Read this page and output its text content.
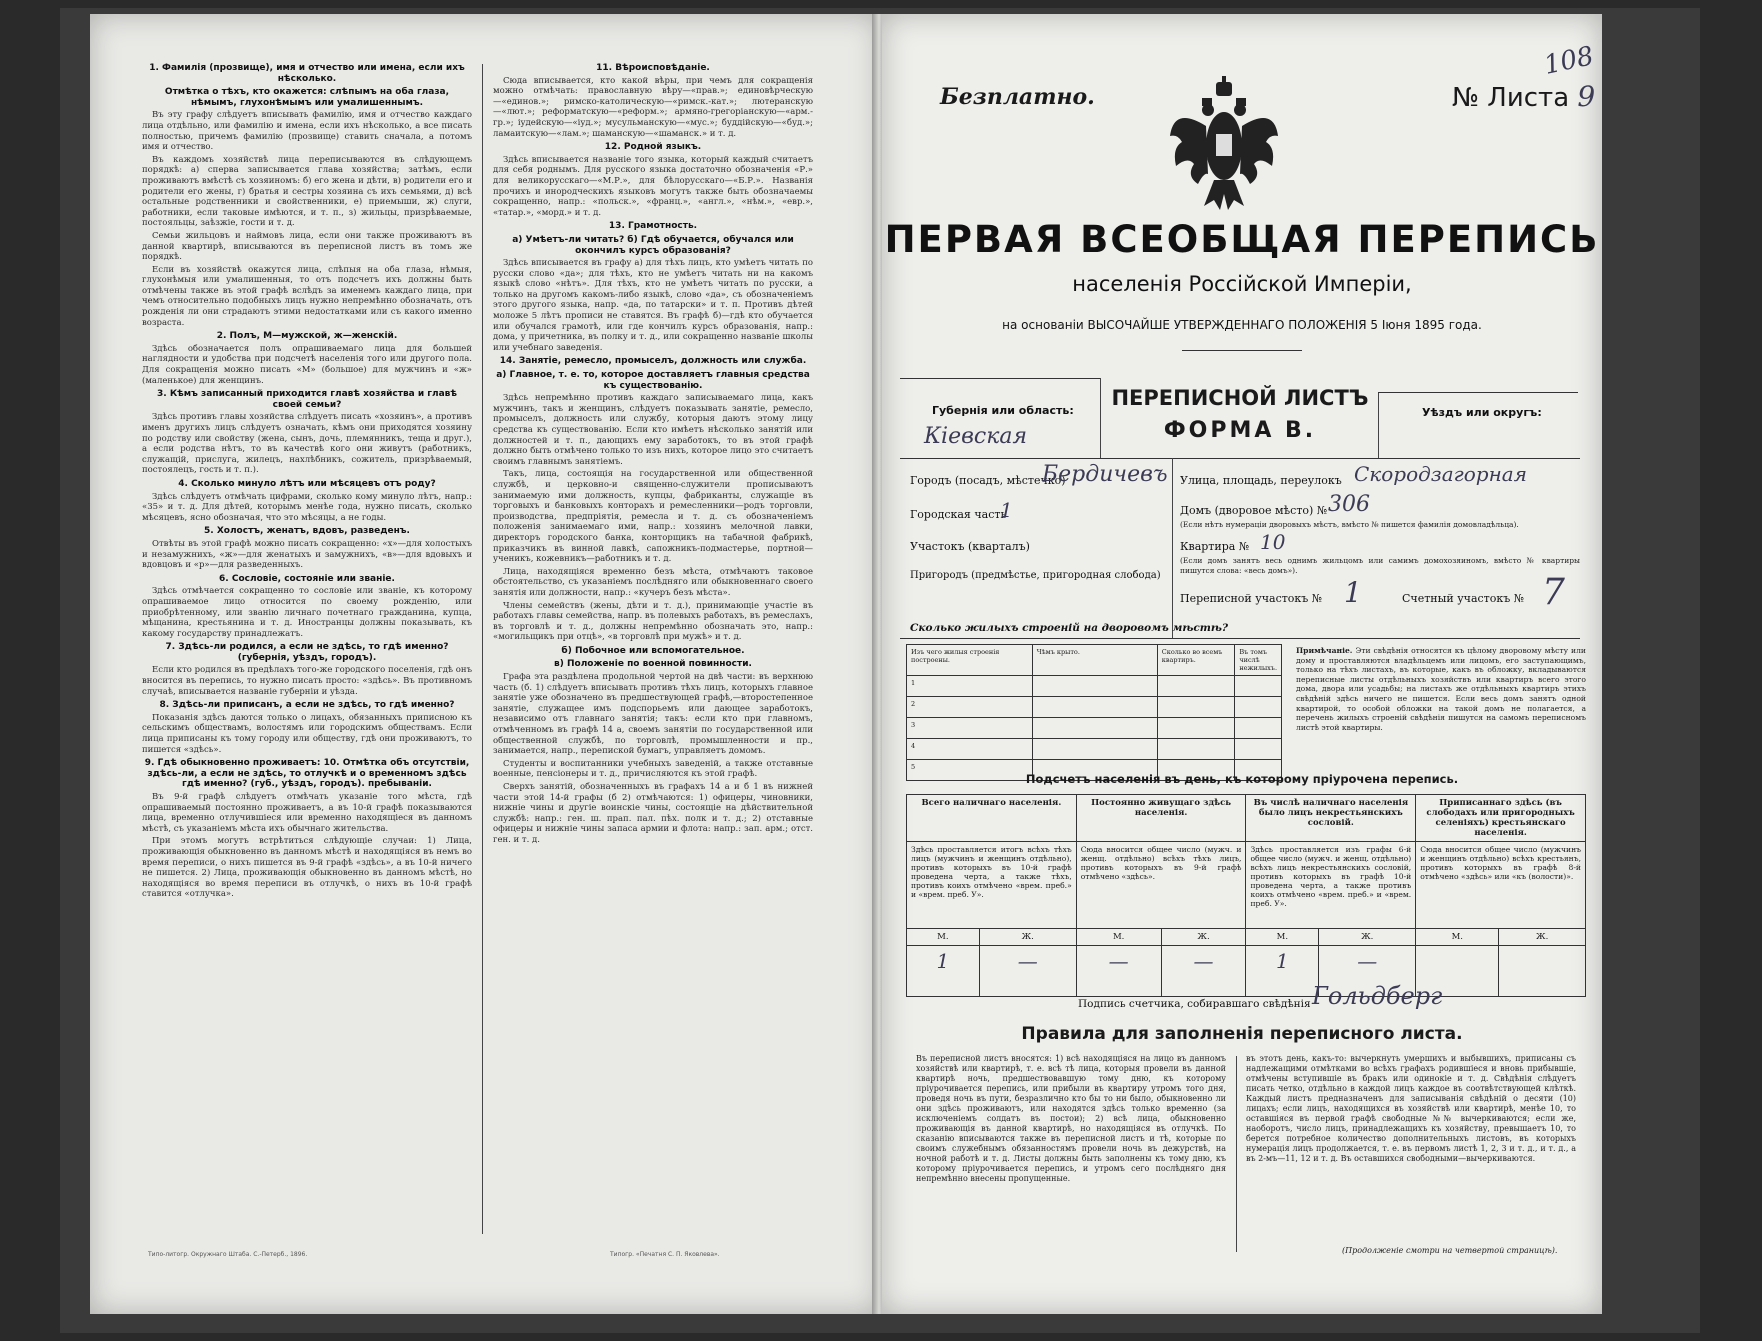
1. Фамилія (прозвище), имя и отчество или имена, если ихъ нѣсколько.
Отмѣтка о тѣхъ, кто окажется: слѣпымъ на оба глаза, нѣмымъ, глухонѣмымъ или умалишеннымъ.

Въ эту графу слѣдуетъ вписывать фамилію, имя и отчество каждаго лица отдѣльно, или фамилію и имена, если ихъ нѣсколько, а все писать полностью, причемъ фамилію (прозвище) ставить сначала, а потомъ имя и отчество.

Въ каждомъ хозяйствѣ лица переписываются въ слѣдующемъ порядкѣ: а) сперва записывается глава хозяйства; затѣмъ, если проживаютъ вмѣстѣ съ хозяиномъ: б) его жена и дѣти, в) родители его и родители его жены, г) братья и сестры хозяина съ ихъ семьями, д) всѣ остальные родственники и свойственники, е) приемыши, ж) слуги, работники, если таковые имѣются, и т. п., з) жильцы, призрѣваемые, постояльцы, заѣзжіе, гости и т. д.

Семьи жильцовъ и наймовъ лица, если они также проживаютъ въ данной квартирѣ, вписываются въ переписной листъ въ томъ же порядкѣ.

Если въ хозяйствѣ окажутся лица, слѣпыя на оба глаза, нѣмыя, глухонѣмыя или умалишенныя, то отъ подсчетъ ихъ должны быть отмѣчены также въ этой графѣ вслѣдъ за именемъ каждаго лица, при чемъ относительно подобныхъ лицъ нужно непремѣнно обозначать, отъ рожденія ли они страдаютъ этими недостатками или съ какого именно возраста.

2. Полъ, М—мужской, ж—женскій.

Здѣсь обозначается полъ опрашиваемаго лица для большей наглядности и удобства при подсчетѣ населенія того или другого пола. Для сокращенія можно писать «М» (большое) для мужчинъ и «ж» (маленькое) для женщинъ.

3. Кѣмъ записанный приходится главѣ хозяйства и главѣ своей семьи?

Здѣсь противъ главы хозяйства слѣдуетъ писать «хозяинъ», а противъ именъ другихъ лицъ слѣдуетъ означать, кѣмъ они приходятся хозяину по родству или свойству (жена, сынъ, дочь, племянникъ, теща и друг.), а если родства нѣтъ, то въ качествѣ кого они живутъ (работникъ, служащій, прислуга, жилецъ, нахлѣбникъ, сожитель, призрѣваемый, постоялецъ, гость и т. п.).

4. Сколько минуло лѣтъ или мѣсяцевъ отъ роду?

Здѣсь слѣдуетъ отмѣчать цифрами, сколько кому минуло лѣтъ, напр.: «35» и т. д. Для дѣтей, которымъ менѣе года, нужно писать, сколько мѣсяцевъ, ясно обозначая, что это мѣсяцы, а не годы.

5. Холостъ, женатъ, вдовъ, разведенъ.

Отвѣты въ этой графѣ можно писать сокращенно: «х»—для холостыхъ и незамужнихъ, «ж»—для женатыхъ и замужнихъ, «в»—для вдовыхъ и вдовцовъ и «р»—для разведенныхъ.

6. Сословіе, состояніе или званіе.

Здѣсь отмѣчается сокращенно то сословіе или званіе, къ которому опрашиваемое лицо относится по своему рожденію, или приобрѣтенному, или званію личнаго почетнаго гражданина, купца, мѣщанина, крестьянина и т. д. Иностранцы должны показывать, къ какому государству принадлежатъ.

7. Здѣсь-ли родился, а если не здѣсь, то гдѣ именно? (губернія, уѣздъ, городъ).

Если кто родился въ предѣлахъ того-же городского поселенія, гдѣ онъ вносится въ перепись, то нужно писать просто: «здѣсь». Въ противномъ случаѣ, вписывается названіе губерніи и уѣзда.

8. Здѣсь-ли приписанъ, а если не здѣсь, то гдѣ именно?

Показанія здѣсь даются только о лицахъ, обязанныхъ приписною къ сельскимъ обществамъ, волостямъ или городскимъ обществамъ. Если лица приписаны къ тому городу или обществу, гдѣ они проживаютъ, то пишется «здѣсь».

9. Гдѣ обыкновенно проживаетъ: 10. Отмѣтка объ отсутствіи, здѣсь-ли, а если не здѣсь, то отлучкѣ и о временномъ здѣсь гдѣ именно? (губ., уѣздъ, городъ). пребываніи.

Въ 9-й графѣ слѣдуетъ отмѣчать указаніе того мѣста, гдѣ опрашиваемый постоянно проживаетъ, а въ 10-й графѣ показываются лица, временно отлучившіеся или временно находящіеся въ данномъ мѣстѣ, съ указаніемъ мѣста ихъ обычнаго жительства.

При этомъ могутъ встрѣтиться слѣдующіе случаи: 1) Лица, проживающія обыкновенно въ данномъ мѣстѣ и находящіяся въ немъ во время переписи, о нихъ пишется въ 9-й графѣ «здѣсь», а въ 10-й ничего не пишется. 2) Лица, проживающія обыкновенно въ данномъ мѣстѣ, но находящіяся во время переписи въ отлучкѣ, о нихъ въ 10-й графѣ ставится «отлучка».

11. Вѣроисповѣданіе.

Сюда вписывается, кто какой вѣры, при чемъ для сокращенія можно отмѣчать: православную вѣру—«прав.»; единовѣрческую—«единов.»; римско-католическую—«римск.-кат.»; лютеранскую—«лют.»; реформатскую—«реформ.»; армяно-грегоріанскую—«арм.-гр.»; іудейскую—«іуд.»; мусульманскую—«мус.»; буддійскую—«буд.»; ламаитскую—«лам.»; шаманскую—«шаманск.» и т. д.

12. Родной языкъ.

Здѣсь вписывается названіе того языка, который каждый считаетъ для себя роднымъ. Для русского языка достаточно обозначенія «Р.» для великорусскаго—«М.Р.», для бѣлорусскаго—«Б.Р.». Названія прочихъ и инородческихъ языковъ могутъ также быть обозначаемы сокращенно, напр.: «польск.», «франц.», «англ.», «нѣм.», «евр.», «татар.», «морд.» и т. д.

13. Грамотность.
а) Умѣетъ-ли читать? б) Гдѣ обучается, обучался или окончилъ курсъ образованія?

Здѣсь вписывается въ графу а) для тѣхъ лицъ, кто умѣетъ читать по русски слово «да»; для тѣхъ, кто не умѣетъ читать ни на какомъ языкѣ слово «нѣтъ». Для тѣхъ, кто не умѣетъ читать по русски, а только на другомъ какомъ-либо языкѣ, слово «да», съ обозначеніемъ этого другого языка, напр. «да, по татарски» и т. п. Противъ дѣтей моложе 5 лѣтъ прописи не ставятся. Въ графѣ б)—гдѣ кто обучается или обучался грамотѣ, или где кончилъ курсъ образованія, напр.: дома, у причетника, въ полку и т. д., или сокращенно названіе школы или учебнаго заведенія.

14. Занятіе, ремесло, промыселъ, должность или служба.
а) Главное, т. е. то, которое доставляетъ главныя средства къ существованію.

Здѣсь непремѣнно противъ каждаго записываемаго лица, какъ мужчинъ, такъ и женщинъ, слѣдуетъ показывать занятіе, ремесло, промыселъ, должность или службу, которыя даютъ этому лицу средства къ существованію. Если кто имѣетъ нѣсколько занятій или должностей и т. п., дающихъ ему заработокъ, то въ этой графѣ должно быть отмѣчено только то изъ нихъ, которое лицо это считаетъ своимъ главнымъ занятіемъ.

Такъ, лица, состоящія на государственной или общественной службѣ, и церковно-и священно-служители прописываютъ занимаемую ими должность, купцы, фабриканты, служащіе въ торговыхъ и банковыхъ конторахъ и ремесленники—родъ торговли, производства, предпріятія, ремесла и т. д. съ обозначеніемъ положенія занимаемаго ими, напр.: хозяинъ мелочной лавки, директоръ городского банка, конторщикъ на табачной фабрикѣ, приказчикъ въ винной лавкѣ, сапожникъ-подмастерье, портной—ученикъ, кожевникъ—работникъ и т. д.

Лица, находящіяся временно безъ мѣста, отмѣчаютъ таковое обстоятельство, съ указаніемъ послѣдняго или обыкновеннаго своего занятія или должности, напр.: «кучеръ безъ мѣста».

Члены семействъ (жены, дѣти и т. д.), принимающіе участіе въ работахъ главы семейства, напр. въ полевыхъ работахъ, въ ремеслахъ, въ торговлѣ и т. д., должны непремѣнно обозначать это, напр.: «могильщикъ при отцѣ», «в торговлѣ при мужѣ» и т. д.

б) Побочное или вспомогательное.
в) Положеніе по военной повинности.

Графа эта раздѣлена продольной чертой на двѣ части: въ верхнюю часть (б. 1) слѣдуетъ вписывать противъ тѣхъ лицъ, которыхъ главное занятіе уже обозначено въ предшествующей графѣ,—второстепенное занятіе, служащее имъ подспорьемъ или дающее заработокъ, независимо отъ главнаго занятія; такъ: если кто при главномъ, отмѣченномъ въ графѣ 14 а, своемъ занятіи по государственной или общественной службѣ, по торговлѣ, промышленности и пр., занимается, напр., перепиской бумагъ, управляетъ домомъ.

Студенты и воспитанники учебныхъ заведеній, а также отставные военные, пенсіонеры и т. д., причисляются къ этой графѣ.

Сверхъ занятій, обозначенныхъ въ графахъ 14 а и б 1 въ нижней части этой 14-й графы (б 2) отмѣчаются: 1) офицеры, чиновники, нижніе чины и другіе воинскіе чины, состоящіе на дѣйствительной службѣ: напр.: ген. ш. прап. пал. пѣх. полк и т. д.; 2) отставные офицеры и нижніе чины запаса армии и флота: напр.: зап. арм.; отст. ген. и т. д.

Типо-литогр. Окружнаго Штаба. С.-Петерб., 1896.	Типогр. «Печатня С. П. Яковлева».
Безплатно.	№ Листа 9
108
ПЕРВАЯ ВСЕОБЩАЯ ПЕРЕПИСЬ
населенія Россійской Имперіи,
на основаніи ВЫСОЧАЙШЕ УТВЕРЖДЕННАГО ПОЛОЖЕНІЯ 5 Іюня 1895 года.
ПЕРЕПИСНОЙ ЛИСТЪ
ФОРМА В.
Губернія или область:
Кіевская
Уѣздъ или округъ:
Городъ (посадъ, мѣстечко)
Бердичевъ
Городская часть
1
Участокъ (кварталъ)
Пригородъ (предмѣстье, пригородная слобода)
Улица, площадь, переулокъ Скородзагорная
Домъ (дворовое мѣсто) № 306
(Если нѣтъ нумераціи дворовыхъ мѣстъ, вмѣсто № пишется фамилія домовладѣльца).
Квартира № 10
(Если домъ занятъ весь однимъ жильцомъ или самимъ домохозяиномъ, вмѣсто № квартиры пишутся слова: «весь домъ»).
Переписной участокъ № 1	Счетный участокъ № 7
Сколько жилыхъ строеній на дворовомъ мѣстѣ?
Изъ чего жилыя строенія построены.	Чѣмъ крыто.	Сколько во всемъ квартиръ.	Въ томъ числѣ нежилыхъ.
1			
2			
3			
4			
5			
Примѣчаніе. Эти свѣдѣнія относятся къ цѣлому дворовому мѣсту или дому и проставляются владѣльцемъ или лицомъ, его заступающимъ, только на тѣхъ листахъ, въ которые, какъ въ обложку, вкладываются переписные листы отдѣльныхъ хозяйствъ или квартиръ всего этого дома, двора или усадьбы; на листахъ же отдѣльныхъ квартиръ этихъ свѣдѣній здѣсь ничего не пишется. Если весь домъ занятъ одной квартирой, то особой обложки на такой домъ не полагается, а перечень жилыхъ строеній свѣдѣнія пишутся на самомъ переписномъ листѣ этой квартиры.
Подсчетъ населенія въ день, къ которому пріурочена перепись.
Всего наличнаго населенія.		Постоянно живущаго здѣсь населенія.		Въ числѣ наличнаго населенія было лицъ некрестьянскихъ сословій.		Приписаннаго здѣсь (въ слободахъ или пригородныхъ селеніяхъ) крестьянскаго населенія.	
Здѣсь проставляется итогъ всѣхъ тѣхъ лицъ (мужчинъ и женщинъ отдѣльно), противъ которыхъ въ 10-й графѣ проведена черта, а также тѣхъ, противъ коихъ отмѣчено «врем. преб.» и «врем. преб. У».		Сюда вносится общее число (мужч. и женщ. отдѣльно) всѣхъ тѣхъ лицъ, противъ которыхъ въ 9-й графѣ отмѣчено «здѣсь».		Здѣсь проставляется изъ графы 6-й общее число (мужч. и женщ. отдѣльно) всѣхъ лицъ некрестьянскихъ сословій, противъ которыхъ въ графѣ 10-й проведена черта, а также противъ коихъ отмѣчено «врем. преб.» и «врем. преб. У».		Сюда вносится общее число (мужчинъ и женщинъ отдѣльно) всѣхъ крестьянъ, противъ которыхъ въ графѣ 8-й отмѣчено «здѣсь» или «къ (волости)».	
М.	Ж.	М.	Ж.	М.	Ж.	М.	Ж.
1	—	—	—	1	—		
Подпись счетчика, собиравшаго свѣдѣнія Гольдберг
Правила для заполненія переписного листа.
Въ переписной листъ вносятся: 1) всѣ находящіяся на лицо въ данномъ хозяйствѣ или квартирѣ, т. е. всѣ тѣ лица, которыя провели въ данной квартирѣ ночь, предшествовавшую тому дню, къ которому пріурочивается перепись, или прибыли въ квартиру утромъ того дня, проведя ночь въ пути, безразлично кто бы то ни было, обыкновенно ли они здѣсь проживаютъ, или находятся здѣсь только временно (за исключеніемъ солдатъ въ постои); 2) всѣ лица, обыкновенно проживающія въ данной квартирѣ, но находящіяся въ отлучкѣ. По сказанію вписываются также въ переписной листъ и тѣ, которые по своимъ служебнымъ обязанностямъ провели ночь въ дежурствѣ, на ночной работѣ и т. д. Листы должны быть заполнены къ тому дню, къ которому пріурочивается перепись, и утромъ сего послѣдняго дня непремѣнно внесены пропущенные.
въ этотъ день, какъ-то: вычеркнуть умершихъ и выбывшихъ, приписаны съ надлежащими отмѣтками во всѣхъ графахъ родившіеся и вновь прибывшіе, отмѣчены вступившіе въ бракъ или одинокіе и т. д. Свѣдѣнія слѣдуетъ писать четко, отдѣльно в каждой лицъ каждое въ соотвѣтствующей клѣткѣ. Каждый листъ предназначенъ для записыванія свѣдѣній о десяти (10) лицахъ; если лицъ, находящихся въ хозяйствѣ или квартирѣ, менѣе 10, то оставшіяся въ первой графѣ свободные №№ вычеркиваются; если же, наоборотъ, число лицъ, принадлежащихъ къ хозяйству, превышаетъ 10, то берется потребное количество дополнительныхъ листовъ, въ которыхъ нумерація лицъ продолжается, т. е. въ первомъ листѣ 1, 2, 3 и т. д., и т. д., а въ 2-мъ—11, 12 и т. д. Въ оставшихся свободными—вычеркиваются.
(Продолженіе смотри на четвертой страницѣ).
